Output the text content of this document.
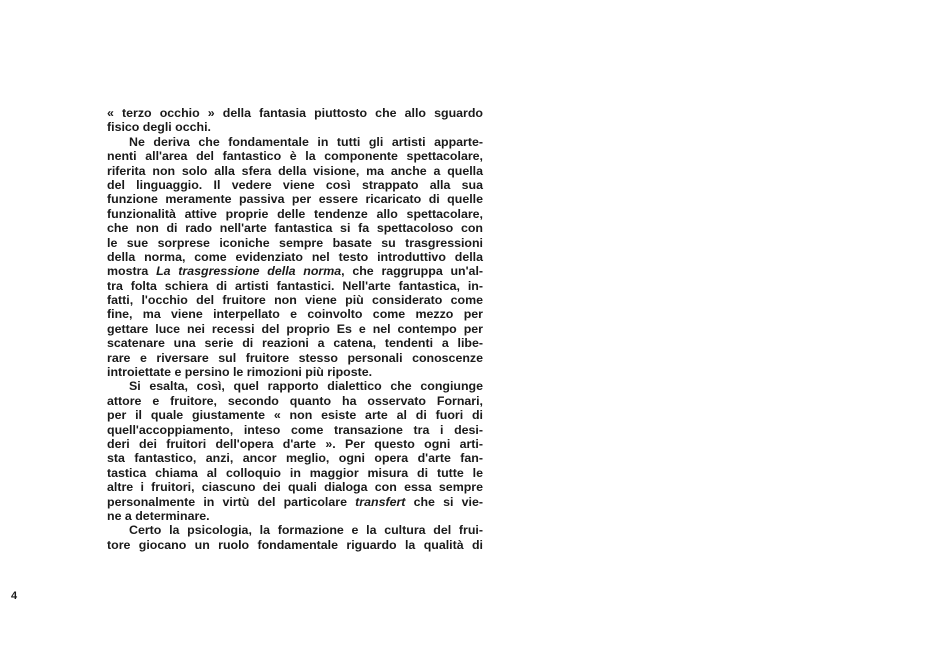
« terzo occhio » della fantasia piuttosto che allo sguardo
fisico degli occhi.
Ne deriva che fondamentale in tutti gli artisti apparte-
nenti all'area del fantastico è la componente spettacolare,
riferita non solo alla sfera della visione, ma anche a quella
del linguaggio. Il vedere viene così strappato alla sua
funzione meramente passiva per essere ricaricato di quelle
funzionalità attive proprie delle tendenze allo spettacolare,
che non di rado nell'arte fantastica si fa spettacoloso con
le sue sorprese iconiche sempre basate su trasgressioni
della norma, come evidenziato nel testo introduttivo della
mostra La trasgressione della norma, che raggruppa un'al-
tra folta schiera di artisti fantastici. Nell'arte fantastica, in-
fatti, l'occhio del fruitore non viene più considerato come
fine, ma viene interpellato e coinvolto come mezzo per
gettare luce nei recessi del proprio Es e nel contempo per
scatenare una serie di reazioni a catena, tendenti a libe-
rare e riversare sul fruitore stesso personali conoscenze
introiettate e persino le rimozioni più riposte.
Si esalta, così, quel rapporto dialettico che congiunge
attore e fruitore, secondo quanto ha osservato Fornari,
per il quale giustamente « non esiste arte al di fuori di
quell'accoppiamento, inteso come transazione tra i desi-
deri dei fruitori dell'opera d'arte ». Per questo ogni arti-
sta fantastico, anzi, ancor meglio, ogni opera d'arte fan-
tastica chiama al colloquio in maggior misura di tutte le
altre i fruitori, ciascuno dei quali dialoga con essa sempre
personalmente in virtù del particolare transfert che si vie-
ne a determinare.
Certo la psicologia, la formazione e la cultura del frui-
tore giocano un ruolo fondamentale riguardo la qualità di
4
